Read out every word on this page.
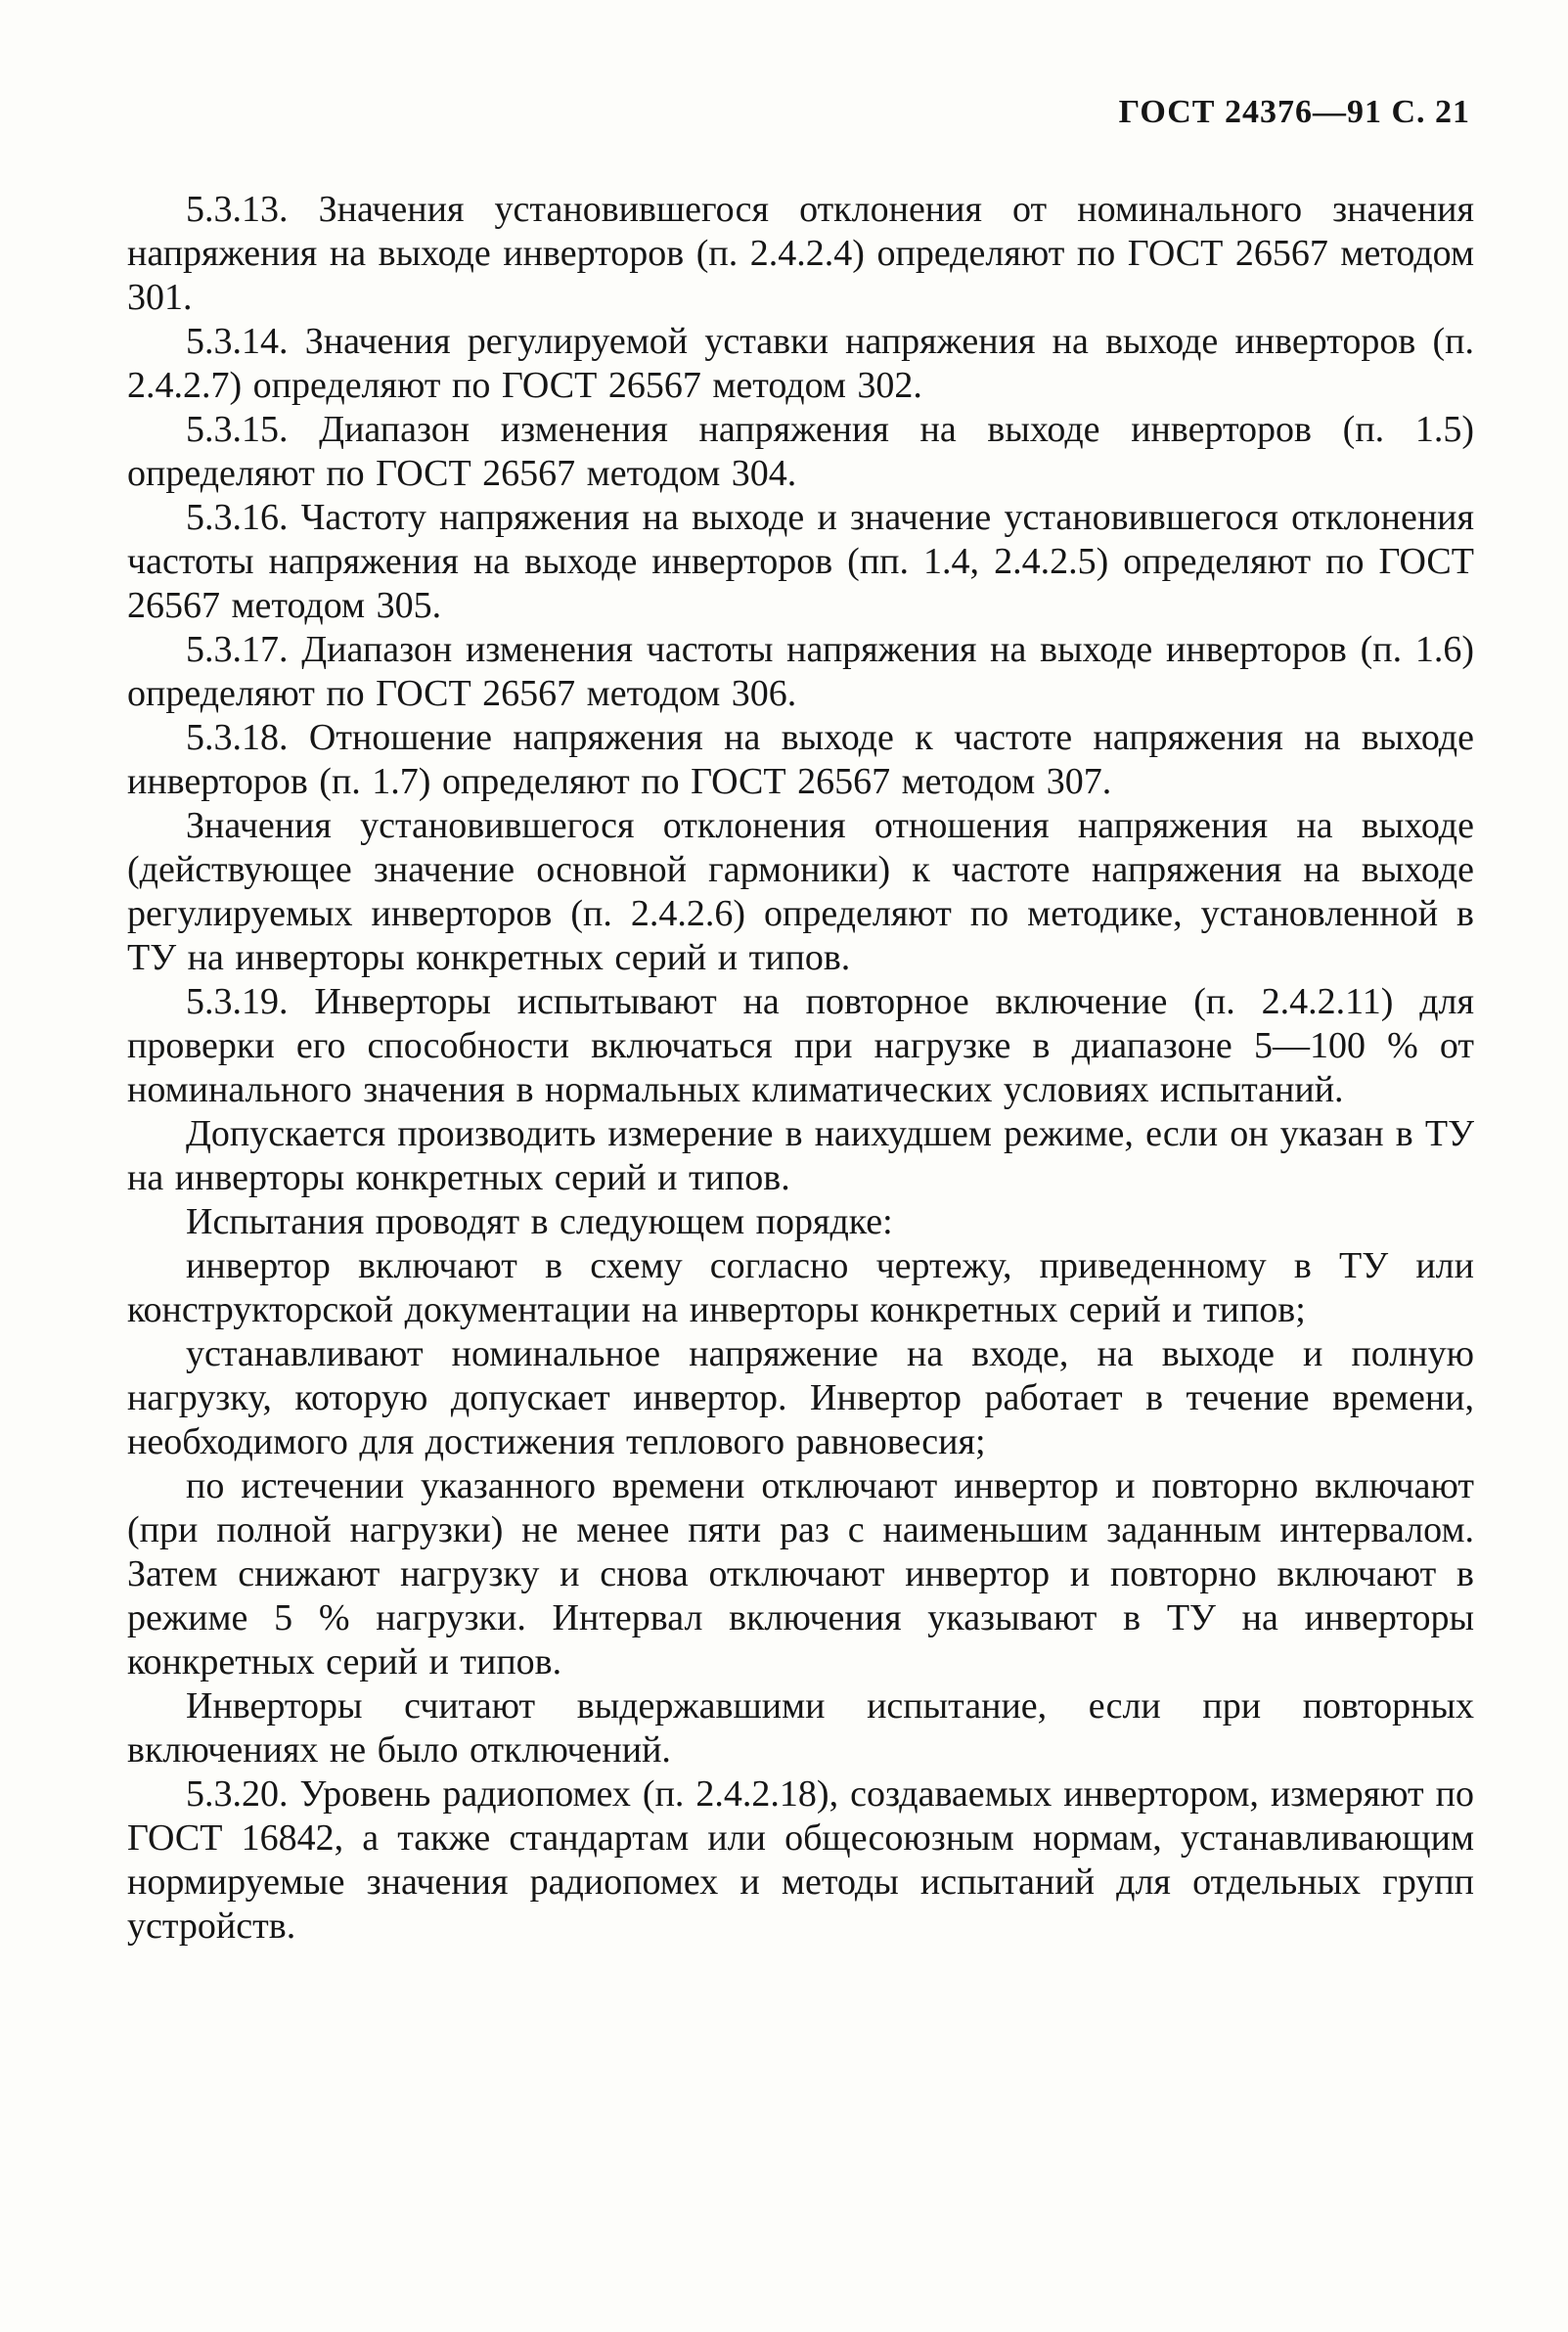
ГОСТ 24376—91 С. 21

5.3.13. Значения установившегося отклонения от номинального значения напряжения на выходе инверторов (п. 2.4.2.4) определяют по ГОСТ 26567 методом 301.

5.3.14. Значения регулируемой уставки напряжения на выходе инверторов (п. 2.4.2.7) определяют по ГОСТ 26567 методом 302.

5.3.15. Диапазон изменения напряжения на выходе инверторов (п. 1.5) определяют по ГОСТ 26567 методом 304.

5.3.16. Частоту напряжения на выходе и значение установившегося отклонения частоты напряжения на выходе инверторов (пп. 1.4, 2.4.2.5) определяют по ГОСТ 26567 методом 305.

5.3.17. Диапазон изменения частоты напряжения на выходе инверторов (п. 1.6) определяют по ГОСТ 26567 методом 306.

5.3.18. Отношение напряжения на выходе к частоте напряжения на выходе инверторов (п. 1.7) определяют по ГОСТ 26567 методом 307.

Значения установившегося отклонения отношения напряжения на выходе (действующее значение основной гармоники) к частоте напряжения на выходе регулируемых инверторов (п. 2.4.2.6) определяют по методике, установленной в ТУ на инверторы конкретных серий и типов.

5.3.19. Инверторы испытывают на повторное включение (п. 2.4.2.11) для проверки его способности включаться при нагрузке в диапазоне 5—100 % от номинального значения в нормальных климатических условиях испытаний.

Допускается производить измерение в наихудшем режиме, если он указан в ТУ на инверторы конкретных серий и типов.

Испытания проводят в следующем порядке:

инвертор включают в схему согласно чертежу, приведенному в ТУ или конструкторской документации на инверторы конкретных серий и типов;

устанавливают номинальное напряжение на входе, на выходе и полную нагрузку, которую допускает инвертор. Инвертор работает в течение времени, необходимого для достижения теплового равновесия;

по истечении указанного времени отключают инвертор и повторно включают (при полной нагрузки) не менее пяти раз с наименьшим заданным интервалом. Затем снижают нагрузку и снова отключают инвертор и повторно включают в режиме 5 % нагрузки. Интервал включения указывают в ТУ на инверторы конкретных серий и типов.

Инверторы считают выдержавшими испытание, если при повторных включениях не было отключений.

5.3.20. Уровень радиопомех (п. 2.4.2.18), создаваемых инвертором, измеряют по ГОСТ 16842, а также стандартам или общесоюзным нормам, устанавливающим нормируемые значения радиопомех и методы испытаний для отдельных групп устройств.
